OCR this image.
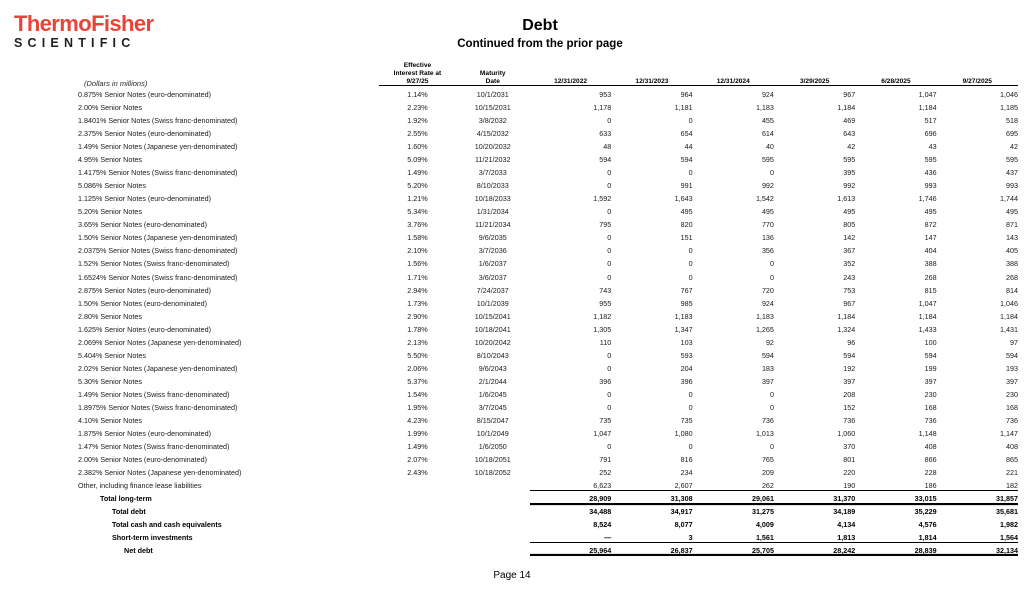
ThermoFisher
SCIENTIFIC
Debt
Continued from the prior page
(Dollars in millions)

Effective
Interest Rate at
9/27/25

Maturity
Date	12/31/2022	12/31/2023	12/31/2024	3/29/2025	6/28/2025	9/27/2025
0.875% Senior Notes (euro-denominated)	1.14%	10/1/2031	953	964	924	967	1,047	1,046
2.00% Senior Notes	2.23%	10/15/2031	1,178	1,181	1,183	1,184	1,184	1,185
1.8401% Senior Notes (Swiss franc-denominated)	1.92%	3/8/2032	0	0	455	469	517	518
2.375% Senior Notes (euro-denominated)	2.55%	4/15/2032	633	654	614	643	696	695
1.49% Senior Notes (Japanese yen-denominated)	1.60%	10/20/2032	48	44	40	42	43	42
4.95% Senior Notes	5.09%	11/21/2032	594	594	595	595	595	595
1.4175% Senior Notes (Swiss franc-denominated)	1.49%	3/7/2033	0	0	0	395	436	437
5.086% Senior Notes	5.20%	8/10/2033	0	991	992	992	993	993
1.125% Senior Notes (euro-denominated)	1.21%	10/18/2033	1,592	1,643	1,542	1,613	1,746	1,744
5.20% Senior Notes	5.34%	1/31/2034	0	495	495	495	495	495
3.65% Senior Notes (euro-denominated)	3.76%	11/21/2034	795	820	770	805	872	871
1.50% Senior Notes (Japanese yen-denominated)	1.58%	9/6/2035	0	151	136	142	147	143
2.0375% Senior Notes (Swiss franc-denominated)	2.10%	3/7/2036	0	0	356	367	404	405
1.52% Senior Notes (Swiss franc-denominated)	1.56%	1/6/2037	0	0	0	352	388	388
1.6524% Senior Notes (Swiss franc-denominated)	1.71%	3/6/2037	0	0	0	243	268	268
2.875% Senior Notes (euro-denominated)	2.94%	7/24/2037	743	767	720	753	815	814
1.50% Senior Notes (euro-denominated)	1.73%	10/1/2039	955	985	924	967	1,047	1,046
2.80% Senior Notes	2.90%	10/15/2041	1,182	1,183	1,183	1,184	1,184	1,184
1.625% Senior Notes (euro-denominated)	1.78%	10/18/2041	1,305	1,347	1,265	1,324	1,433	1,431
2.069% Senior Notes (Japanese yen-denominated)	2.13%	10/20/2042	110	103	92	96	100	97
5.404% Senior Notes	5.50%	8/10/2043	0	593	594	594	594	594
2.02% Senior Notes (Japanese yen-denominated)	2.06%	9/6/2043	0	204	183	192	199	193
5.30% Senior Notes	5.37%	2/1/2044	396	396	397	397	397	397
1.49% Senior Notes (Swiss franc-denominated)	1.54%	1/6/2045	0	0	0	208	230	230
1.8975% Senior Notes (Swiss franc-denominated)	1.95%	3/7/2045	0	0	0	152	168	168
4.10% Senior Notes	4.23%	8/15/2047	735	735	736	736	736	736
1.875% Senior Notes (euro-denominated)	1.99%	10/1/2049	1,047	1,080	1,013	1,060	1,148	1,147
1.47% Senior Notes (Swiss franc-denominated)	1.49%	1/6/2050	0	0	0	370	408	408
2.00% Senior Notes (euro-denominated)	2.07%	10/18/2051	791	816	765	801	866	865
2.382% Senior Notes (Japanese yen-denominated)	2.43%	10/18/2052	252	234	209	220	228	221
Other, including finance lease liabilities			6,623	2,607	262	190	186	182
Total long-term			28,909	31,308	29,061	31,370	33,015	31,857
Total debt			34,488	34,917	31,275	34,189	35,229	35,681
Total cash and cash equivalents			8,524	8,077	4,009	4,134	4,576	1,982
Short-term investments			—	3	1,561	1,813	1,814	1,564
Net debt			25,964	26,837	25,705	28,242	28,839	32,134
Page 14
